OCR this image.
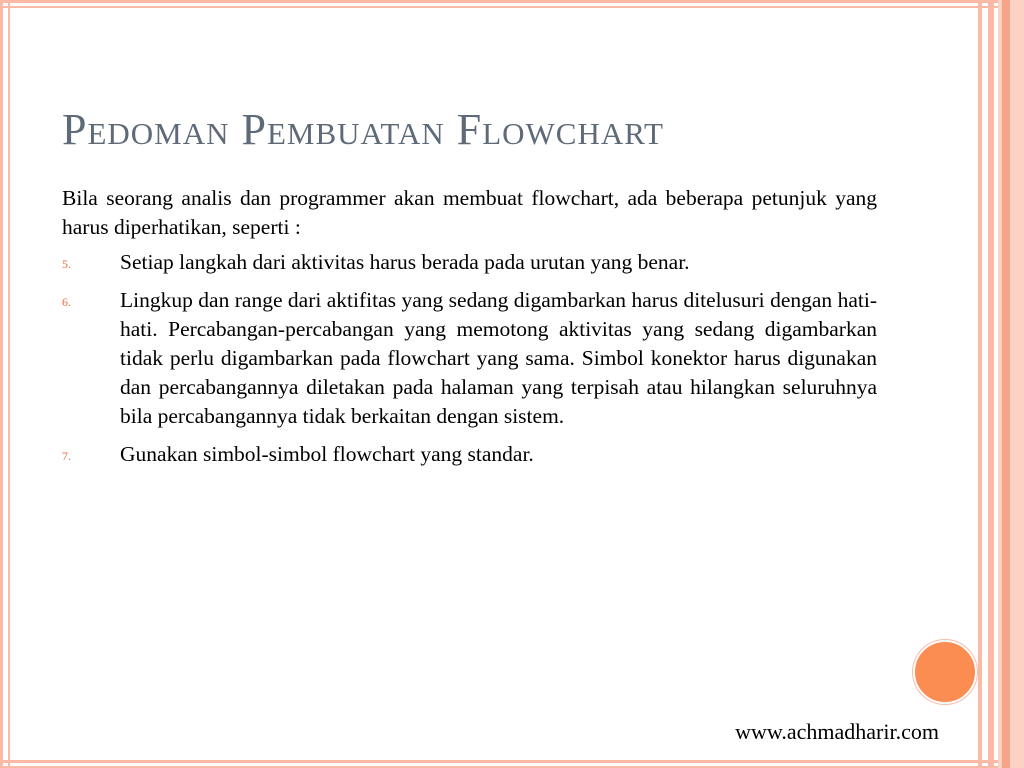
Pedoman Pembuatan Flowchart

Bila seorang analis dan programmer akan membuat flowchart, ada beberapa petunjuk yang harus diperhatikan, seperti :

5. Setiap langkah dari aktivitas harus berada pada urutan yang benar.
6. Lingkup dan range dari aktifitas yang sedang digambarkan harus ditelusuri dengan hati-hati. Percabangan-percabangan yang memotong aktivitas yang sedang digambarkan tidak perlu digambarkan pada flowchart yang sama. Simbol konektor harus digunakan dan percabangannya diletakan pada halaman yang terpisah atau hilangkan seluruhnya bila percabangannya tidak berkaitan dengan sistem.
7. Gunakan simbol-simbol flowchart yang standar.
www.achmadharir.com
